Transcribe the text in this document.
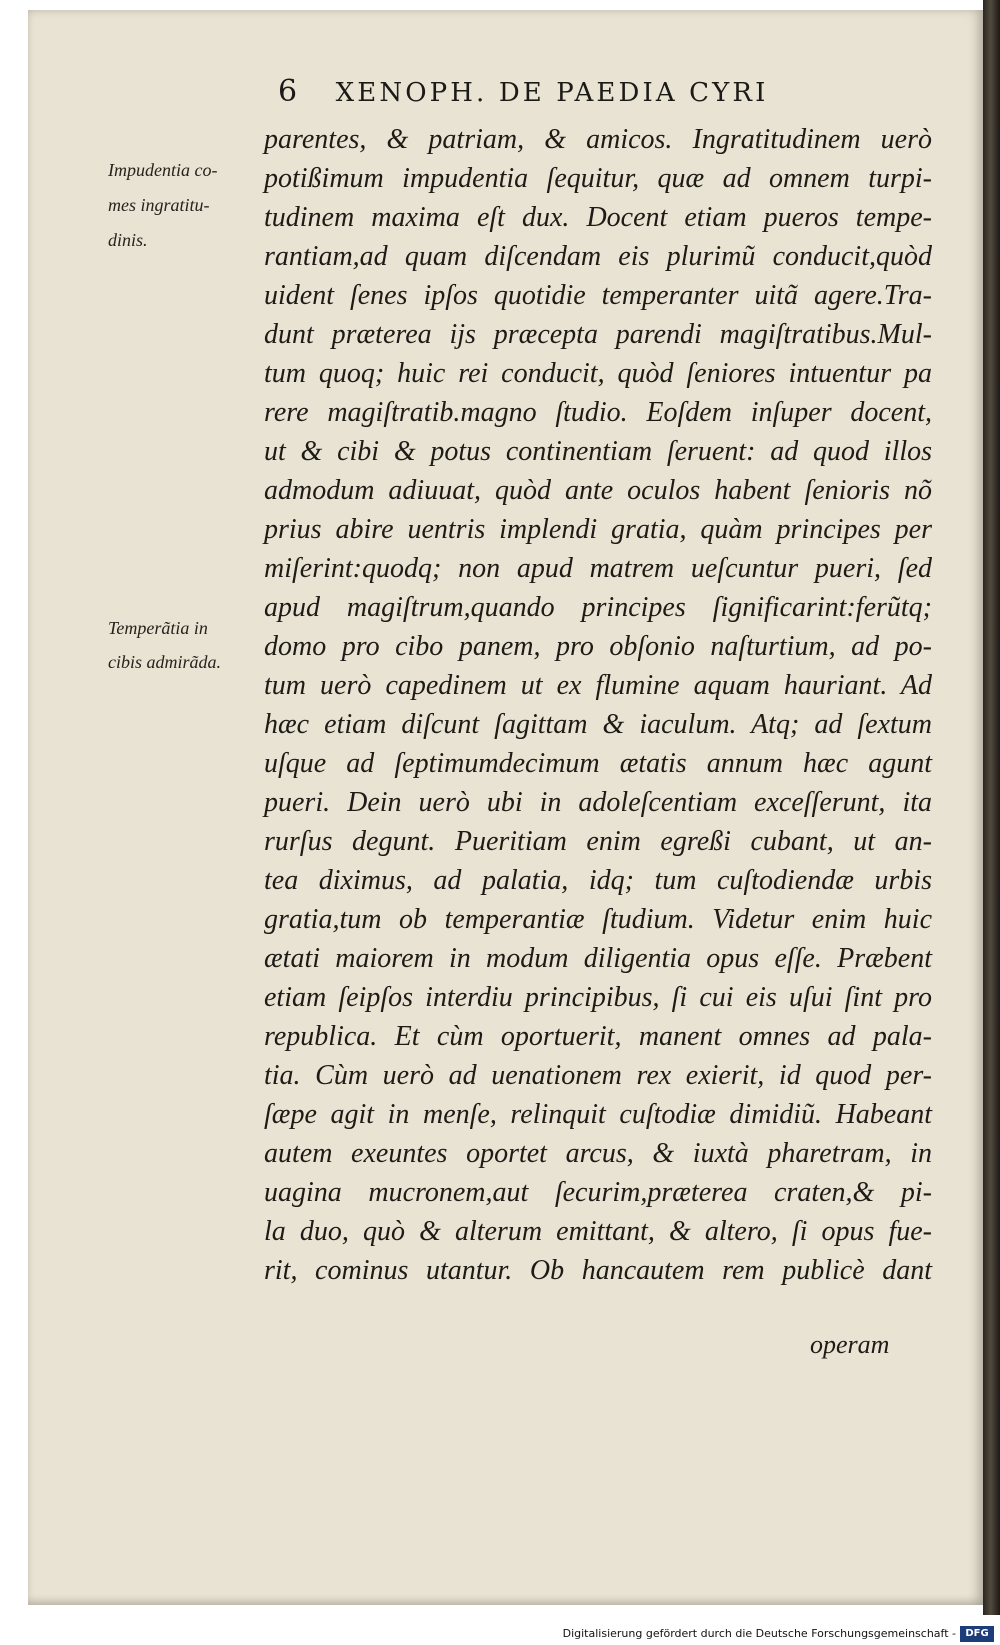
6 XENOPH. DE PAEDIA CYRI
Impudentia co-
mes ingratitu-
dinis.
Temperãtia in
cibis admirãda.
parentes, & patriam, & amicos. Ingratitudinem uerò
potißimum impudentia ſequitur, quæ ad omnem turpi-
tudinem maxima eſt dux. Docent etiam pueros tempe-
rantiam,ad quam diſcendam eis plurimũ conducit,quòd
uident ſenes ipſos quotidie temperanter uitã agere.Tra-
dunt præterea ijs præcepta parendi magiſtratibus.Mul-
tum quoq; huic rei conducit, quòd ſeniores intuentur pa
rere magiſtratib.magno ſtudio. Eoſdem inſuper docent,
ut & cibi & potus continentiam ſeruent: ad quod illos
admodum adiuuat, quòd ante oculos habent ſenioris nõ
prius abire uentris implendi gratia, quàm principes per
miſerint:quodq; non apud matrem ueſcuntur pueri, ſed
apud magiſtrum,quando principes ſignificarint:ferũtq;
domo pro cibo panem, pro obſonio naſturtium, ad po-
tum uerò capedinem ut ex flumine aquam hauriant. Ad
hæc etiam diſcunt ſagittam & iaculum. Atq; ad ſextum
uſque ad ſeptimumdecimum ætatis annum hæc agunt
pueri. Dein uerò ubi in adoleſcentiam exceſſerunt, ita
rurſus degunt. Pueritiam enim egreßi cubant, ut an-
tea diximus, ad palatia, idq; tum cuſtodiendæ urbis
gratia,tum ob temperantiæ ſtudium. Videtur enim huic
ætati maiorem in modum diligentia opus eſſe. Præbent
etiam ſeipſos interdiu principibus, ſi cui eis uſui ſint pro
republica. Et cùm oportuerit, manent omnes ad pala-
tia. Cùm uerò ad uenationem rex exierit, id quod per-
ſæpe agit in menſe, relinquit cuſtodiæ dimidiũ. Habeant
autem exeuntes oportet arcus, & iuxtà pharetram, in
uagina mucronem,aut ſecurim,præterea craten,& pi-
la duo, quò & alterum emittant, & altero, ſi opus fue-
rit, cominus utantur. Ob hancautem rem publicè dant
operam
Digitalisierung gefördert durch die Deutsche Forschungsgemeinschaft - DFG
